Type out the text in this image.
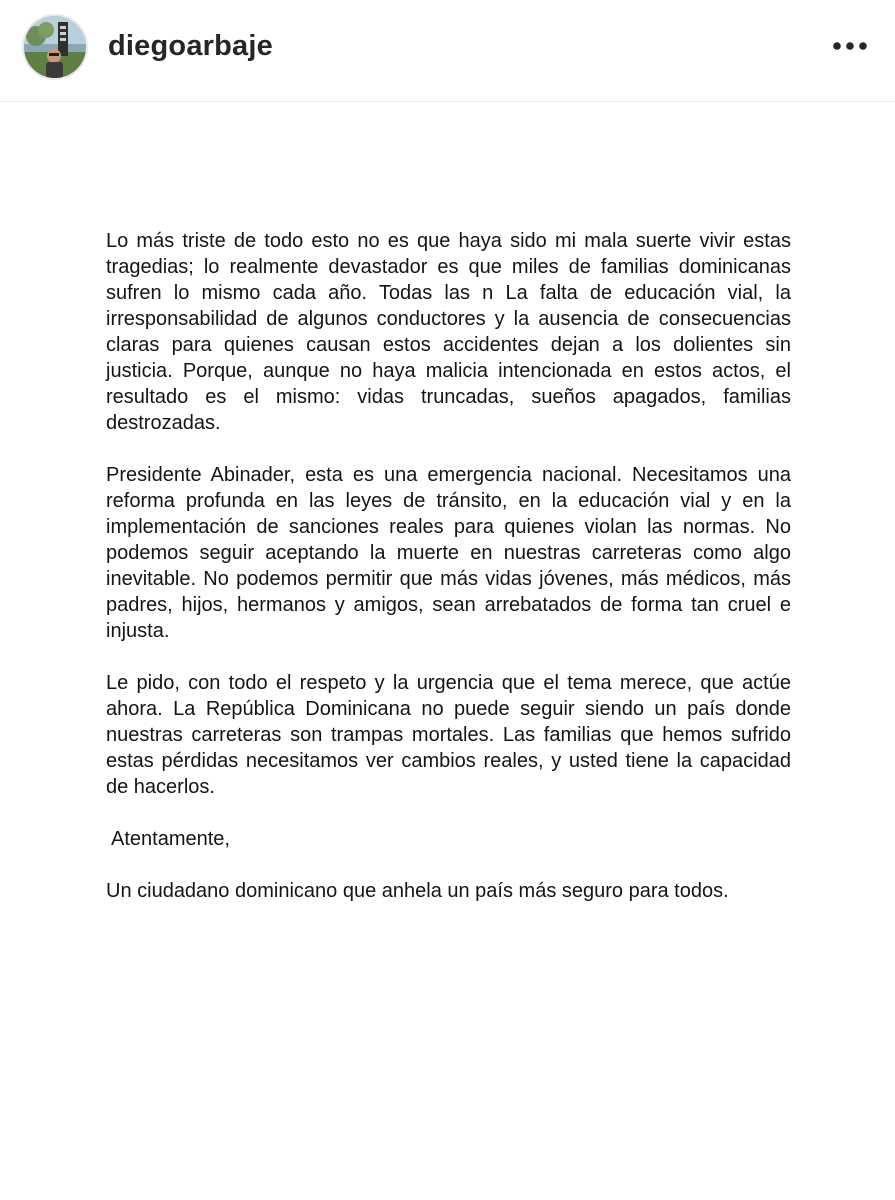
diegoarbaje

Lo más triste de todo esto no es que haya sido mi mala suerte vivir estas tragedias; lo realmente devastador es que miles de familias dominicanas sufren lo mismo cada año. Todas las n La falta de educación vial, la irresponsabilidad de algunos conductores y la ausencia de consecuencias claras para quienes causan estos accidentes dejan a los dolientes sin justicia. Porque, aunque no haya malicia intencionada en estos actos, el resultado es el mismo: vidas truncadas, sueños apagados, familias destrozadas.

Presidente Abinader, esta es una emergencia nacional. Necesitamos una reforma profunda en las leyes de tránsito, en la educación vial y en la implementación de sanciones reales para quienes violan las normas. No podemos seguir aceptando la muerte en nuestras carreteras como algo inevitable. No podemos permitir que más vidas jóvenes, más médicos, más padres, hijos, hermanos y amigos, sean arrebatados de forma tan cruel e injusta.

Le pido, con todo el respeto y la urgencia que el tema merece, que actúe ahora. La República Dominicana no puede seguir siendo un país donde nuestras carreteras son trampas mortales. Las familias que hemos sufrido estas pérdidas necesitamos ver cambios reales, y usted tiene la capacidad de hacerlos.

Atentamente,

Un ciudadano dominicano que anhela un país más seguro para todos.
